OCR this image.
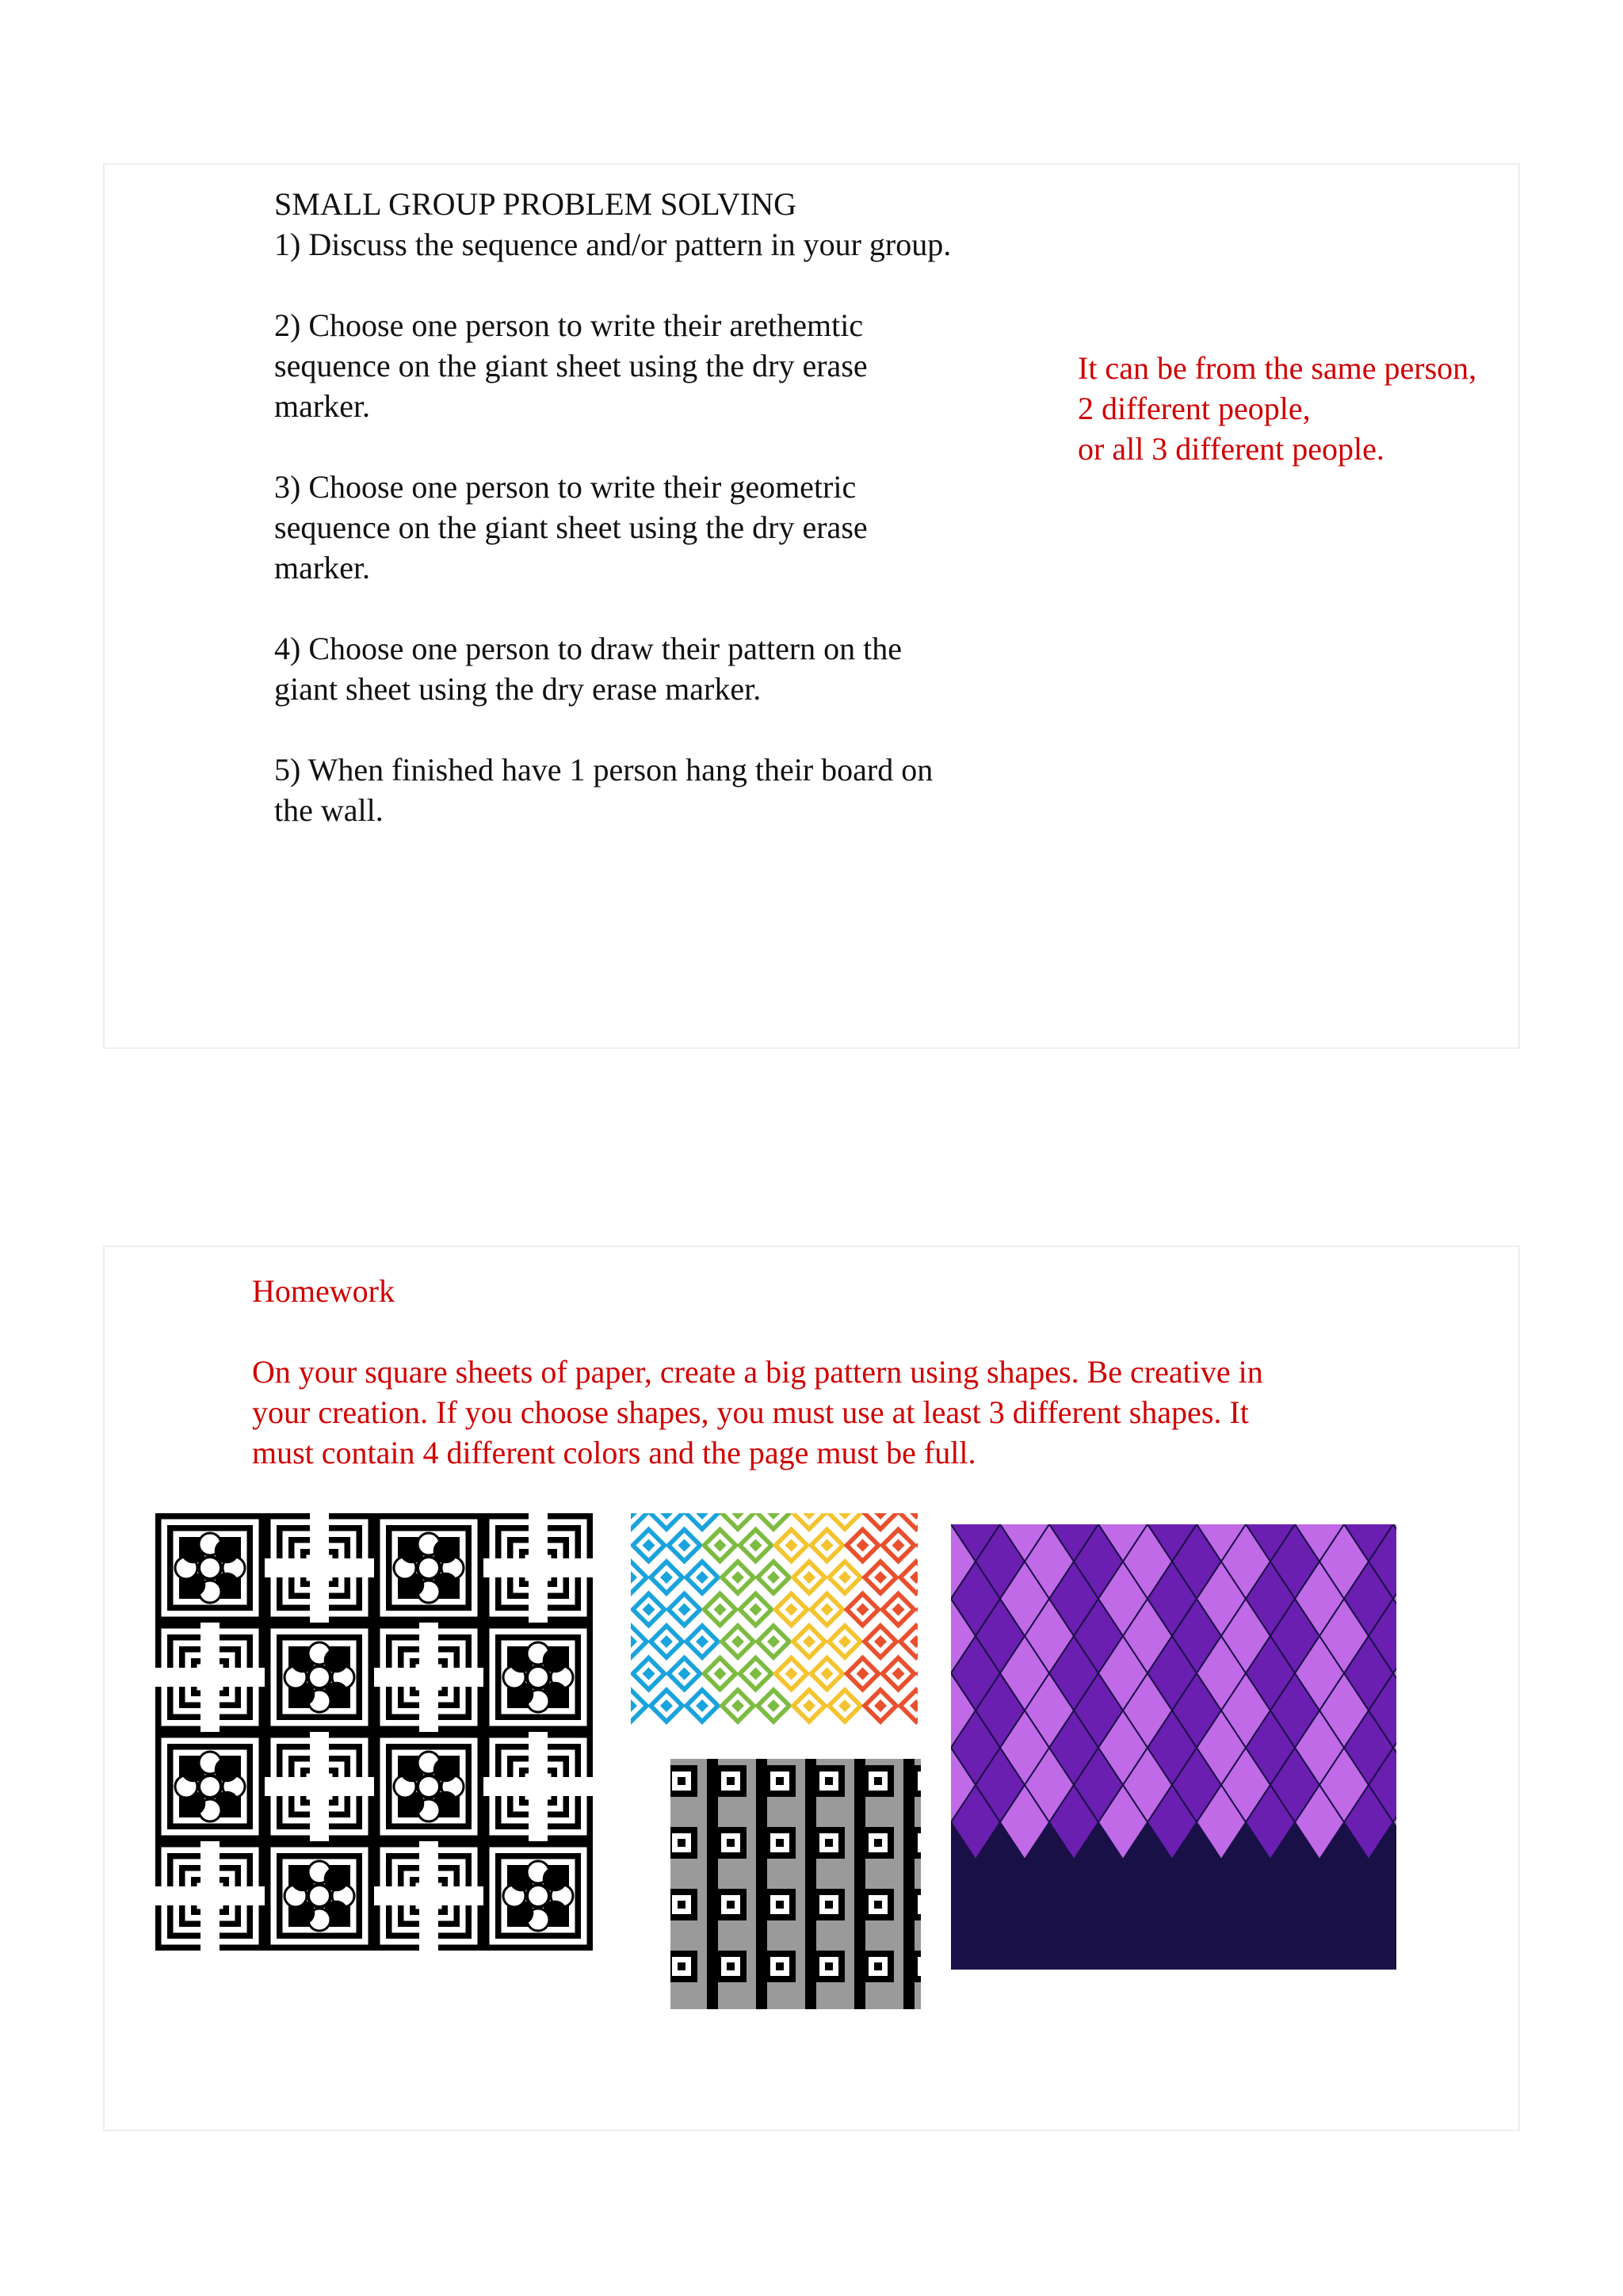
SMALL GROUP PROBLEM SOLVING

1) Discuss the sequence and/or pattern in your group.

2) Choose one person to write their arethemtic

sequence on the giant sheet using the dry erase

marker.

3) Choose one person to write their geometric

sequence on the giant sheet using the dry erase

marker.

4) Choose one person to draw their pattern on the

giant sheet using the dry erase marker.

5) When finished have 1 person hang their board on

the wall.

It can be from the same person,

2 different people,

or all 3 different people.

Homework

On your square sheets of paper, create a big pattern using shapes. Be creative in

your creation. If you choose shapes, you must use at least 3 different shapes. It

must contain 4 different colors and the page must be full.
